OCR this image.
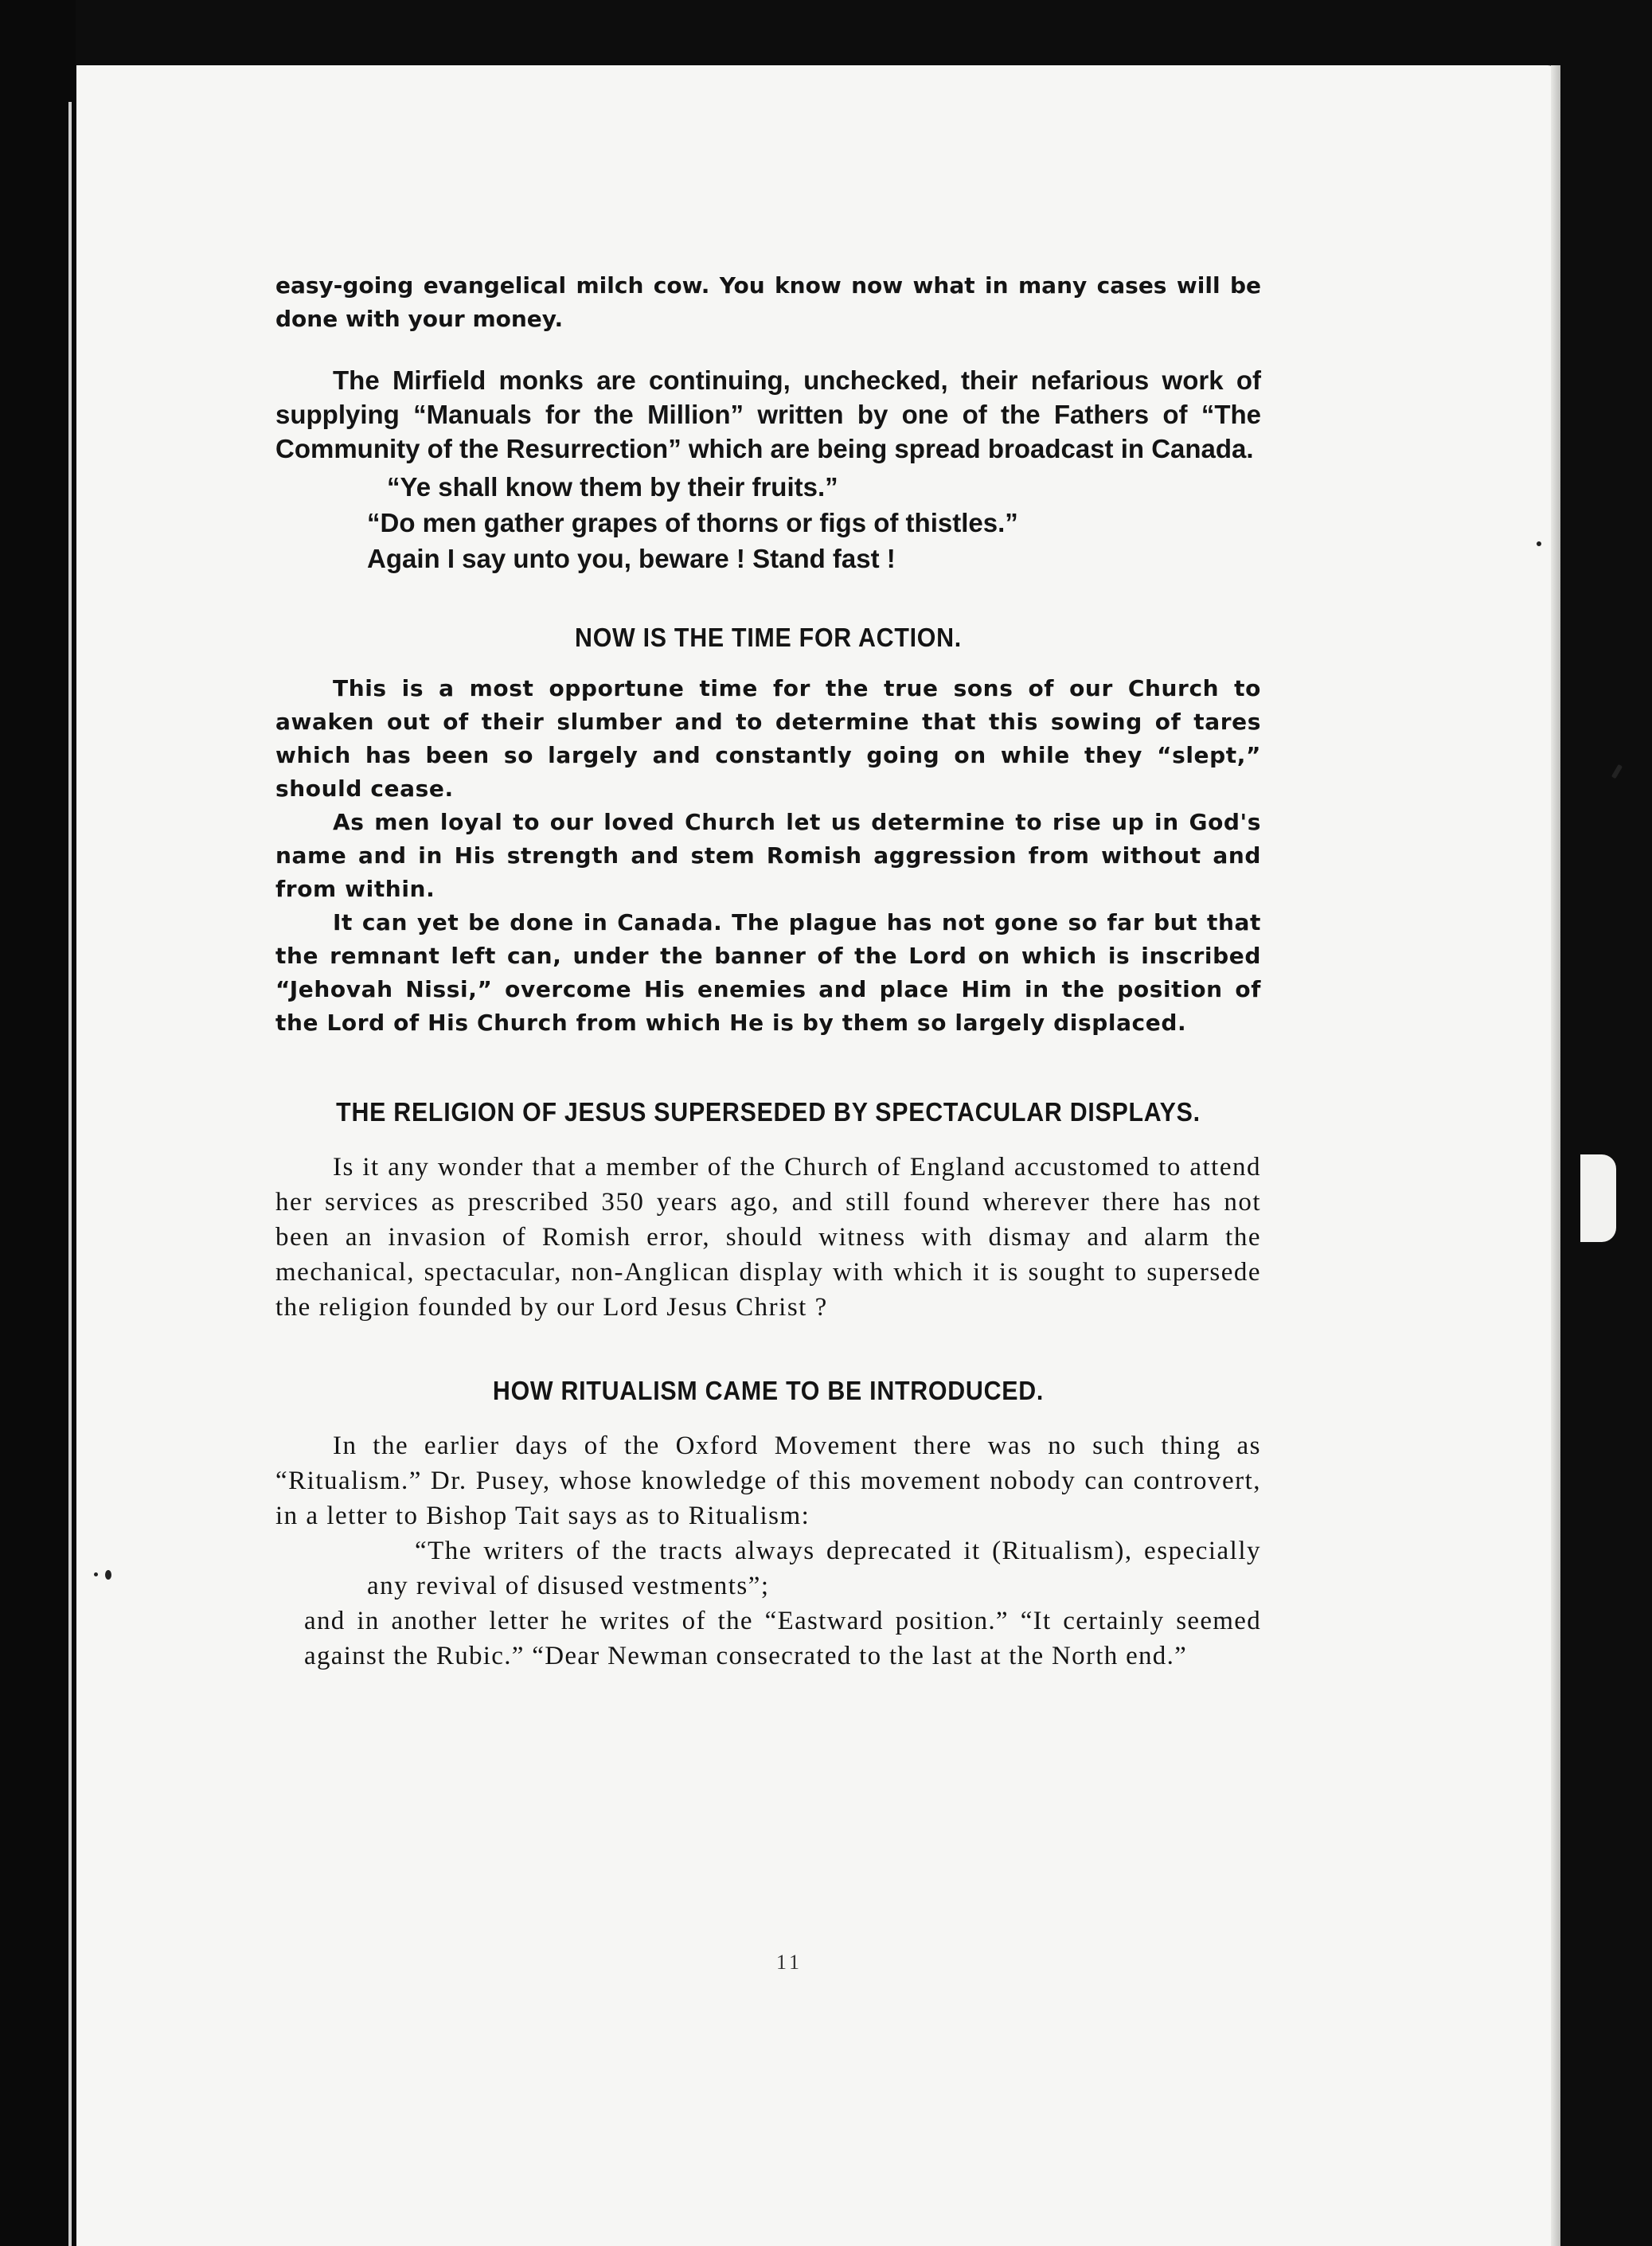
easy-going evangelical milch cow. You know now what in many cases will be done with your money.

The Mirfield monks are continuing, unchecked, their nefarious work of supplying “Manuals for the Million” written by one of the Fathers of “The Community of the Resurrection” which are being spread broadcast in Canada.

“Ye shall know them by their fruits.”

“Do men gather grapes of thorns or figs of thistles.”

Again I say unto you, beware ! Stand fast !

NOW IS THE TIME FOR ACTION.

This is a most opportune time for the true sons of our Church to awaken out of their slumber and to determine that this sowing of tares which has been so largely and constantly going on while they “slept,” should cease.

As men loyal to our loved Church let us determine to rise up in God's name and in His strength and stem Romish aggression from without and from within.

It can yet be done in Canada. The plague has not gone so far but that the remnant left can, under the banner of the Lord on which is inscribed “Jehovah Nissi,” overcome His enemies and place Him in the position of the Lord of His Church from which He is by them so largely displaced.

THE RELIGION OF JESUS SUPERSEDED BY SPECTACULAR DISPLAYS.

Is it any wonder that a member of the Church of England accustomed to attend her services as prescribed 350 years ago, and still found wherever there has not been an invasion of Romish error, should witness with dismay and alarm the mechanical, spectacular, non-Anglican display with which it is sought to supersede the religion founded by our Lord Jesus Christ ?

HOW RITUALISM CAME TO BE INTRODUCED.

In the earlier days of the Oxford Movement there was no such thing as “Ritualism.” Dr. Pusey, whose knowledge of this movement nobody can controvert, in a letter to Bishop Tait says as to Ritualism:

“The writers of the tracts always deprecated it (Ritualism), especially any revival of disused vestments”;

and in another letter he writes of the “Eastward position.” “It certainly seemed against the Rubic.” “Dear Newman consecrated to the last at the North end.”

11
